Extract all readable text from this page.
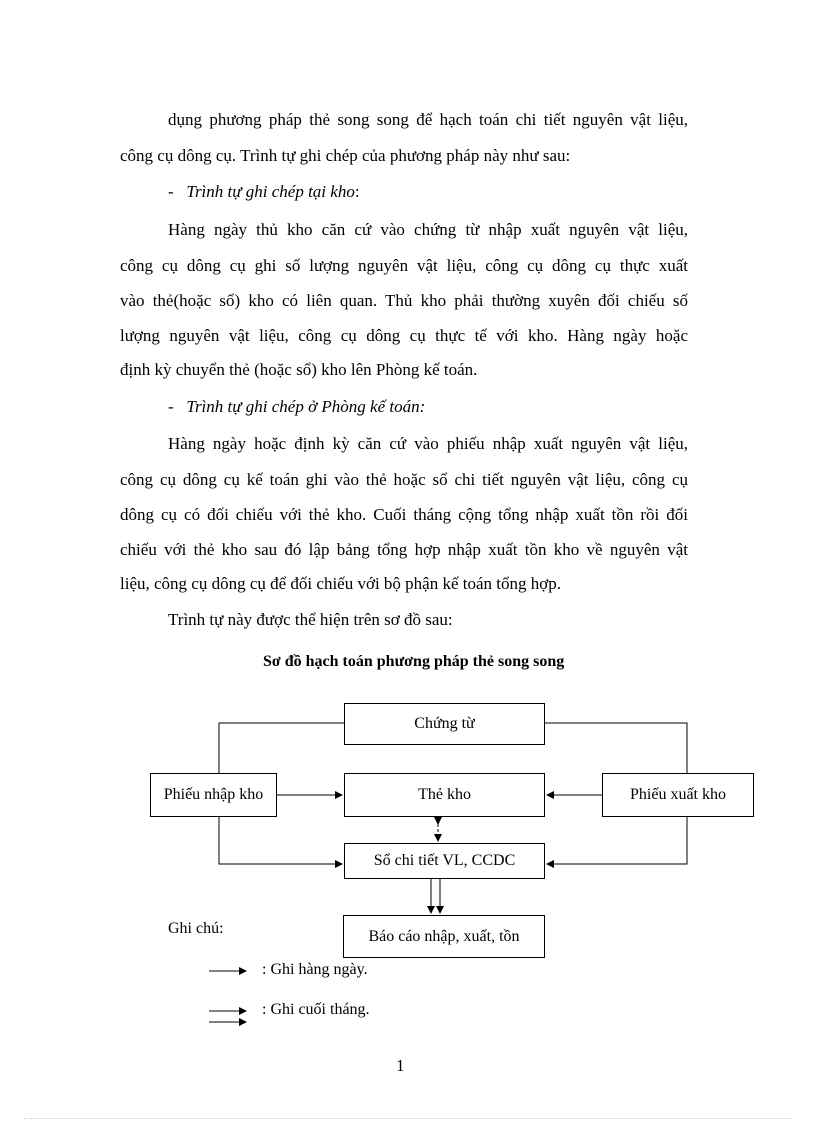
dụng phương pháp thẻ song song để hạch toán chi tiết nguyên vật liệu,
công cụ dông cụ. Trình tự ghi chép của phương pháp này như sau:
- Trình tự ghi chép tại kho:
Hàng ngày thủ kho căn cứ vào chứng từ nhập xuất nguyên vật liệu,
công cụ dông cụ ghi số lượng nguyên vật liệu, công cụ dông cụ thực xuất
vào thẻ(hoặc sổ) kho có liên quan. Thủ kho phải thường xuyên đối chiếu số
lượng nguyên vật liệu, công cụ dông cụ thực tế với kho. Hàng ngày hoặc
định kỳ chuyển thẻ (hoặc sổ) kho lên Phòng kế toán.
- Trình tự ghi chép ở Phòng kế toán:
Hàng ngày hoặc định kỳ căn cứ vào phiếu nhập xuất nguyên vật liệu,
công cụ dông cụ kế toán ghi vào thẻ hoặc sổ chi tiết nguyên vật liệu, công cụ
dông cụ có đối chiếu với thẻ kho. Cuối tháng cộng tổng nhập xuất tồn rồi đối
chiếu với thẻ kho sau đó lập bảng tổng hợp nhập xuất tồn kho về nguyên vật
liệu, công cụ dông cụ để đối chiếu với bộ phận kế toán tổng hợp.
Trình tự này được thể hiện trên sơ đồ sau:
Sơ đồ hạch toán phương pháp thẻ song song
Chứng từ
Phiếu nhập kho	Thẻ kho	Phiếu xuất kho
Sổ chi tiết VL, CCDC
Báo cáo nhập, xuất, tồn
Ghi chú:
: Ghi hàng ngày.
: Ghi cuối tháng.
1
